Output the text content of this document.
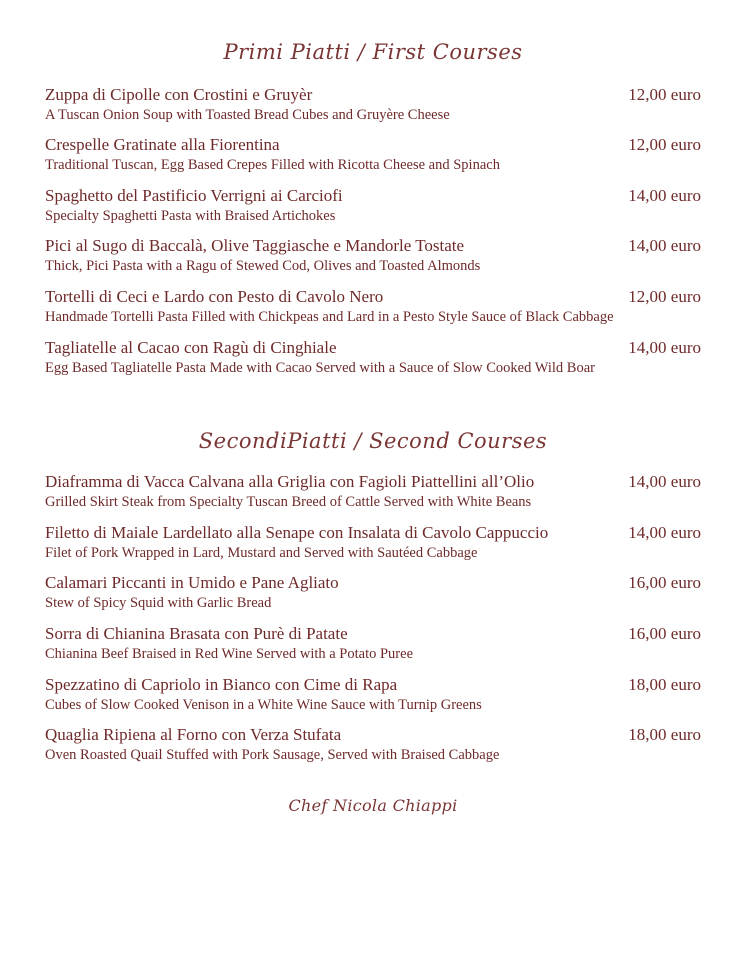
Primi Piatti / First Courses
Zuppa di Cipolle con Crostini e Gruyèr
A Tuscan Onion Soup with Toasted Bread Cubes and Gruyère Cheese
12,00 euro
Crespelle Gratinate alla Fiorentina
Traditional Tuscan, Egg Based Crepes Filled with Ricotta Cheese and Spinach
12,00 euro
Spaghetto del Pastificio Verrigni ai Carciofi
Specialty Spaghetti Pasta with Braised Artichokes
14,00 euro
Pici al Sugo di Baccalà, Olive Taggiasche e Mandorle Tostate
Thick, Pici Pasta with a Ragu of Stewed Cod, Olives and Toasted Almonds
14,00 euro
Tortelli di Ceci e Lardo con Pesto di Cavolo Nero
Handmade Tortelli Pasta Filled with Chickpeas and Lard in a Pesto Style Sauce of Black Cabbage
12,00 euro
Tagliatelle al Cacao con Ragù di Cinghiale
Egg Based Tagliatelle Pasta Made with Cacao Served with a Sauce of Slow Cooked Wild Boar
14,00 euro
SecondiPiatti / Second Courses
Diaframma di Vacca Calvana alla Griglia con Fagioli Piattellini all’Olio
Grilled Skirt Steak from Specialty Tuscan Breed of Cattle Served with White Beans
14,00 euro
Filetto di Maiale Lardellato alla Senape con Insalata di Cavolo Cappuccio
Filet of Pork Wrapped in Lard, Mustard and Served with Sautéed Cabbage
14,00 euro
Calamari Piccanti in Umido e Pane Agliato
Stew of Spicy Squid with Garlic Bread
16,00 euro
Sorra di Chianina Brasata con Purè di Patate
Chianina Beef Braised in Red Wine Served with a Potato Puree
16,00 euro
Spezzatino di Capriolo in Bianco con Cime di Rapa
Cubes of Slow Cooked Venison in a White Wine Sauce with Turnip Greens
18,00 euro
Quaglia Ripiena al Forno con Verza Stufata
Oven Roasted Quail Stuffed with Pork Sausage, Served with Braised Cabbage
18,00 euro
Chef Nicola Chiappi
